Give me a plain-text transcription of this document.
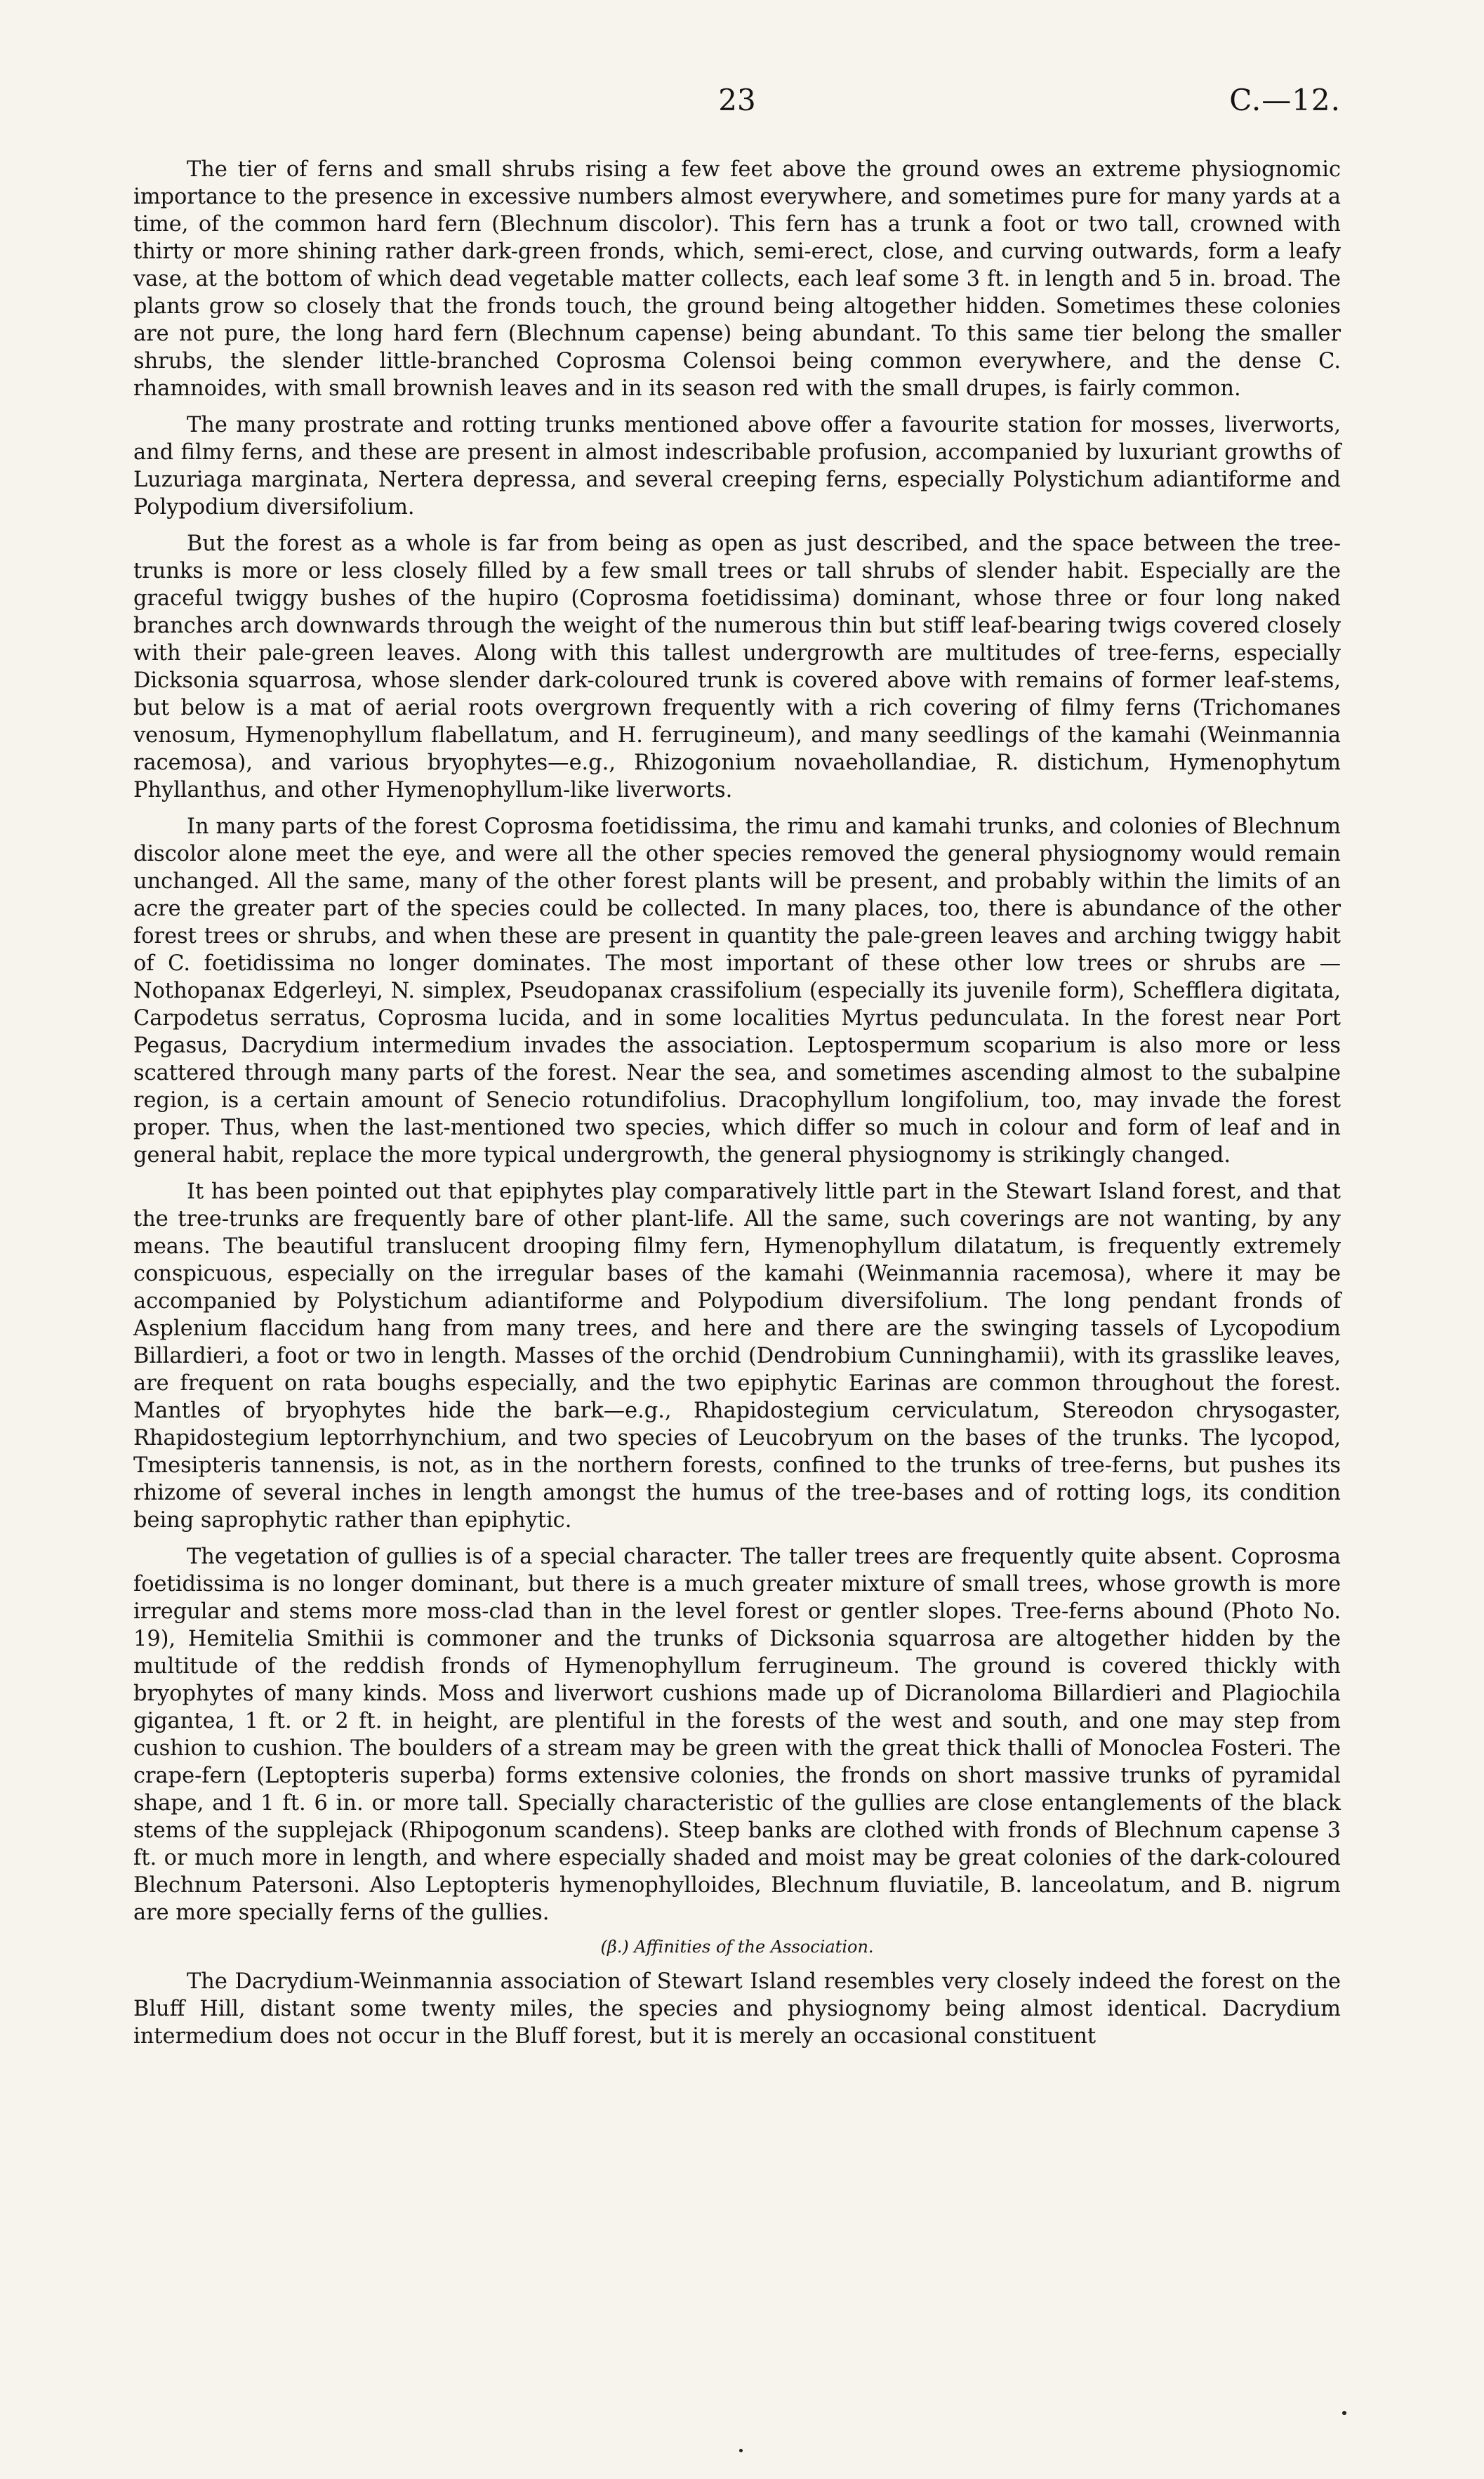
23	C.—12.

The tier of ferns and small shrubs rising a few feet above the ground owes an extreme physiognomic importance to the presence in excessive numbers almost everywhere, and sometimes pure for many yards at a time, of the common hard fern (Blechnum discolor). This fern has a trunk a foot or two tall, crowned with thirty or more shining rather dark-green fronds, which, semi-erect, close, and curving outwards, form a leafy vase, at the bottom of which dead vegetable matter collects, each leaf some 3 ft. in length and 5 in. broad. The plants grow so closely that the fronds touch, the ground being altogether hidden. Sometimes these colonies are not pure, the long hard fern (Blechnum capense) being abundant. To this same tier belong the smaller shrubs, the slender little-branched Coprosma Colensoi being common everywhere, and the dense C. rhamnoides, with small brownish leaves and in its season red with the small drupes, is fairly common.

The many prostrate and rotting trunks mentioned above offer a favourite station for mosses, liverworts, and filmy ferns, and these are present in almost indescribable profusion, accompanied by luxuriant growths of Luzuriaga marginata, Nertera depressa, and several creeping ferns, especially Polystichum adiantiforme and Polypodium diversifolium.

But the forest as a whole is far from being as open as just described, and the space between the tree-trunks is more or less closely filled by a few small trees or tall shrubs of slender habit. Especially are the graceful twiggy bushes of the hupiro (Coprosma foetidissima) dominant, whose three or four long naked branches arch downwards through the weight of the numerous thin but stiff leaf-bearing twigs covered closely with their pale-green leaves. Along with this tallest undergrowth are multitudes of tree-ferns, especially Dicksonia squarrosa, whose slender dark-coloured trunk is covered above with remains of former leaf-stems, but below is a mat of aerial roots overgrown frequently with a rich covering of filmy ferns (Trichomanes venosum, Hymenophyllum flabellatum, and H. ferrugineum), and many seedlings of the kamahi (Weinmannia racemosa), and various bryophytes—e.g., Rhizogonium novaehollandiae, R. distichum, Hymenophytum Phyllanthus, and other Hymenophyllum-like liverworts.

In many parts of the forest Coprosma foetidissima, the rimu and kamahi trunks, and colonies of Blechnum discolor alone meet the eye, and were all the other species removed the general physiognomy would remain unchanged. All the same, many of the other forest plants will be present, and probably within the limits of an acre the greater part of the species could be collected. In many places, too, there is abundance of the other forest trees or shrubs, and when these are present in quantity the pale-green leaves and arching twiggy habit of C. foetidissima no longer dominates. The most important of these other low trees or shrubs are — Nothopanax Edgerleyi, N. simplex, Pseudopanax crassifolium (especially its juvenile form), Schefflera digitata, Carpodetus serratus, Coprosma lucida, and in some localities Myrtus pedunculata. In the forest near Port Pegasus, Dacrydium intermedium invades the association. Leptospermum scoparium is also more or less scattered through many parts of the forest. Near the sea, and sometimes ascending almost to the subalpine region, is a certain amount of Senecio rotundifolius. Dracophyllum longifolium, too, may invade the forest proper. Thus, when the last-mentioned two species, which differ so much in colour and form of leaf and in general habit, replace the more typical undergrowth, the general physiognomy is strikingly changed.

It has been pointed out that epiphytes play comparatively little part in the Stewart Island forest, and that the tree-trunks are frequently bare of other plant-life. All the same, such coverings are not wanting, by any means. The beautiful translucent drooping filmy fern, Hymenophyllum dilatatum, is frequently extremely conspicuous, especially on the irregular bases of the kamahi (Weinmannia racemosa), where it may be accompanied by Polystichum adiantiforme and Polypodium diversifolium. The long pendant fronds of Asplenium flaccidum hang from many trees, and here and there are the swinging tassels of Lycopodium Billardieri, a foot or two in length. Masses of the orchid (Dendrobium Cunninghamii), with its grasslike leaves, are frequent on rata boughs especially, and the two epiphytic Earinas are common throughout the forest. Mantles of bryophytes hide the bark—e.g., Rhapidostegium cerviculatum, Stereodon chrysogaster, Rhapidostegium leptorrhynchium, and two species of Leucobryum on the bases of the trunks. The lycopod, Tmesipteris tannensis, is not, as in the northern forests, confined to the trunks of tree-ferns, but pushes its rhizome of several inches in length amongst the humus of the tree-bases and of rotting logs, its condition being saprophytic rather than epiphytic.

The vegetation of gullies is of a special character. The taller trees are frequently quite absent. Coprosma foetidissima is no longer dominant, but there is a much greater mixture of small trees, whose growth is more irregular and stems more moss-clad than in the level forest or gentler slopes. Tree-ferns abound (Photo No. 19), Hemitelia Smithii is commoner and the trunks of Dicksonia squarrosa are altogether hidden by the multitude of the reddish fronds of Hymenophyllum ferrugineum. The ground is covered thickly with bryophytes of many kinds. Moss and liverwort cushions made up of Dicranoloma Billardieri and Plagiochila gigantea, 1 ft. or 2 ft. in height, are plentiful in the forests of the west and south, and one may step from cushion to cushion. The boulders of a stream may be green with the great thick thalli of Monoclea Fosteri. The crape-fern (Leptopteris superba) forms extensive colonies, the fronds on short massive trunks of pyramidal shape, and 1 ft. 6 in. or more tall. Specially characteristic of the gullies are close entanglements of the black stems of the supplejack (Rhipogonum scandens). Steep banks are clothed with fronds of Blechnum capense 3 ft. or much more in length, and where especially shaded and moist may be great colonies of the dark-coloured Blechnum Patersoni. Also Leptopteris hymenophylloides, Blechnum fluviatile, B. lanceolatum, and B. nigrum are more specially ferns of the gullies.

(β.) Affinities of the Association.

The Dacrydium-Weinmannia association of Stewart Island resembles very closely indeed the forest on the Bluff Hill, distant some twenty miles, the species and physiognomy being almost identical. Dacrydium intermedium does not occur in the Bluff forest, but it is merely an occasional constituent
